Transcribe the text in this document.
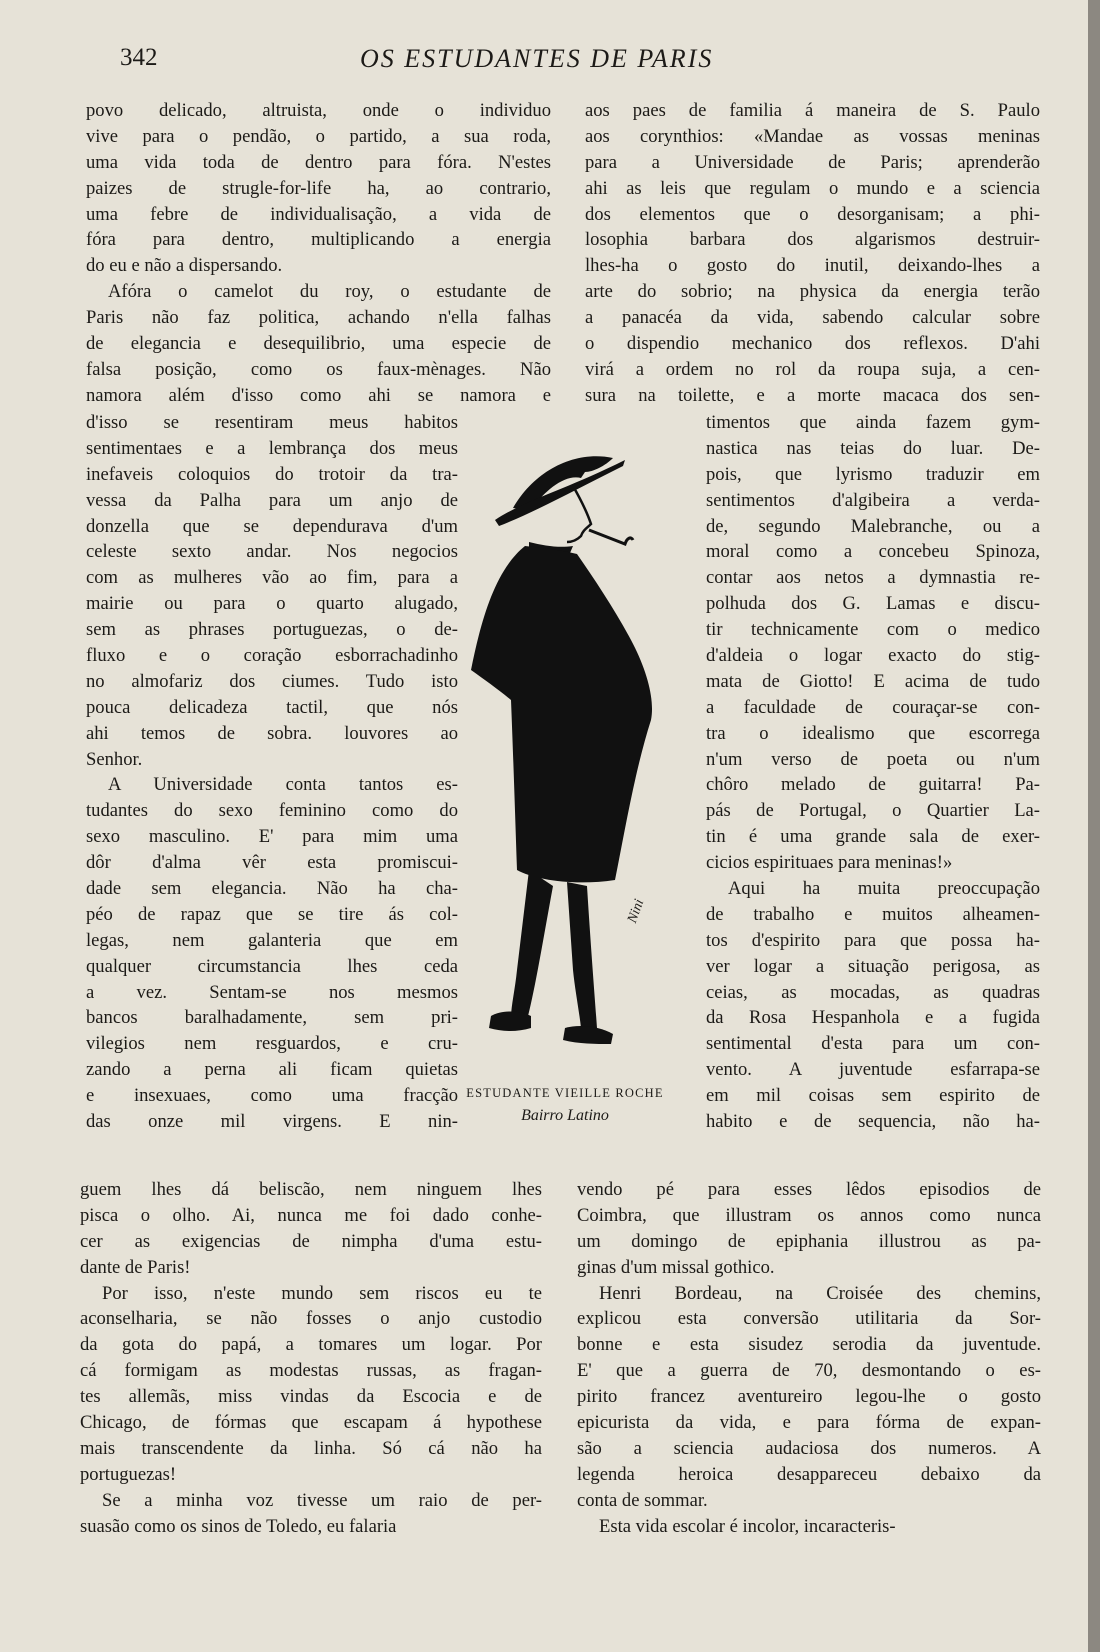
342	OS ESTUDANTES DE PARIS
povo delicado, altruista, onde o individuo
vive para o pendão, o partido, a sua roda,
uma vida toda de dentro para fóra. N'estes
paizes de strugle-for-life ha, ao contrario,
uma febre de individualisação, a vida de
fóra para dentro, multiplicando a energia
do eu e não a dispersando.
Afóra o camelot du roy, o estudante de
Paris não faz politica, achando n'ella falhas
de elegancia e desequilibrio, uma especie de
falsa posição, como os faux-mènages. Não
namora além d'isso como ahi se namora e
d'isso se resentiram meus habitos
sentimentaes e a lembrança dos meus
inefaveis coloquios do trotoir da tra-
vessa da Palha para um anjo de
donzella que se dependurava d'um
celeste sexto andar. Nos negocios
com as mulheres vão ao fim, para a
mairie ou para o quarto alugado,
sem as phrases portuguezas, o de-
fluxo e o coração esborrachadinho
no almofariz dos ciumes. Tudo isto
pouca delicadeza tactil, que nós
ahi temos de sobra. louvores ao
Senhor.
A Universidade conta tantos es-
tudantes do sexo feminino como do
sexo masculino. E' para mim uma
dôr d'alma vêr esta promiscui-
dade sem elegancia. Não ha cha-
péo de rapaz que se tire ás col-
legas, nem galanteria que em
qualquer circumstancia lhes ceda
a vez. Sentam-se nos mesmos
bancos baralhadamente, sem pri-
vilegios nem resguardos, e cru-
zando a perna ali ficam quietas
e insexuaes, como uma fracção
das onze mil virgens. E nin-
guem lhes dá beliscão, nem ninguem lhes
pisca o olho. Ai, nunca me foi dado conhe-
cer as exigencias de nimpha d'uma estu-
dante de Paris!
Por isso, n'este mundo sem riscos eu te
aconselharia, se não fosses o anjo custodio
da gota do papá, a tomares um logar. Por
cá formigam as modestas russas, as fragan-
tes allemãs, miss vindas da Escocia e de
Chicago, de fórmas que escapam á hypothese
mais transcendente da linha. Só cá não ha
portuguezas!
Se a minha voz tivesse um raio de per-
suasão como os sinos de Toledo, eu falaria
aos paes de familia á maneira de S. Paulo
aos corynthios: «Mandae as vossas meninas
para a Universidade de Paris; aprenderão
ahi as leis que regulam o mundo e a sciencia
dos elementos que o desorganisam; a phi-
losophia barbara dos algarismos destruir-
lhes-ha o gosto do inutil, deixando-lhes a
arte do sobrio; na physica da energia terão
a panacéa da vida, sabendo calcular sobre
o dispendio mechanico dos reflexos. D'ahi
virá a ordem no rol da roupa suja, a cen-
sura na toilette, e a morte macaca dos sen-
timentos que ainda fazem gym-
nastica nas teias do luar. De-
pois, que lyrismo traduzir em
sentimentos d'algibeira a verda-
de, segundo Malebranche, ou a
moral como a concebeu Spinoza,
contar aos netos a dymnastia re-
polhuda dos G. Lamas e discu-
tir technicamente com o medico
d'aldeia o logar exacto do stig-
mata de Giotto! E acima de tudo
a faculdade de couraçar-se con-
tra o idealismo que escorrega
n'um verso de poeta ou n'um
chôro melado de guitarra! Pa-
pás de Portugal, o Quartier La-
tin é uma grande sala de exer-
cicios espirituaes para meninas!»
Aqui ha muita preoccupação
de trabalho e muitos alheamen-
tos d'espirito para que possa ha-
ver logar a situação perigosa, as
ceias, as mocadas, as quadras
da Rosa Hespanhola e a fugida
sentimental d'esta para um con-
vento. A juventude esfarrapa-se
em mil coisas sem espirito de
habito e de sequencia, não ha-
vendo pé para esses lêdos episodios de
Coimbra, que illustram os annos como nunca
um domingo de epiphania illustrou as pa-
ginas d'um missal gothico.
Henri Bordeau, na Croisée des chemins,
explicou esta conversão utilitaria da Sor-
bonne e esta sisudez serodia da juventude.
E' que a guerra de 70, desmontando o es-
pirito francez aventureiro legou-lhe o gosto
epicurista da vida, e para fórma de expan-
são a sciencia audaciosa dos numeros. A
legenda heroica desappareceu debaixo da
conta de sommar.
Esta vida escolar é incolor, incaracteris-
Nini
ESTUDANTE VIEILLE ROCHE
Bairro Latino
